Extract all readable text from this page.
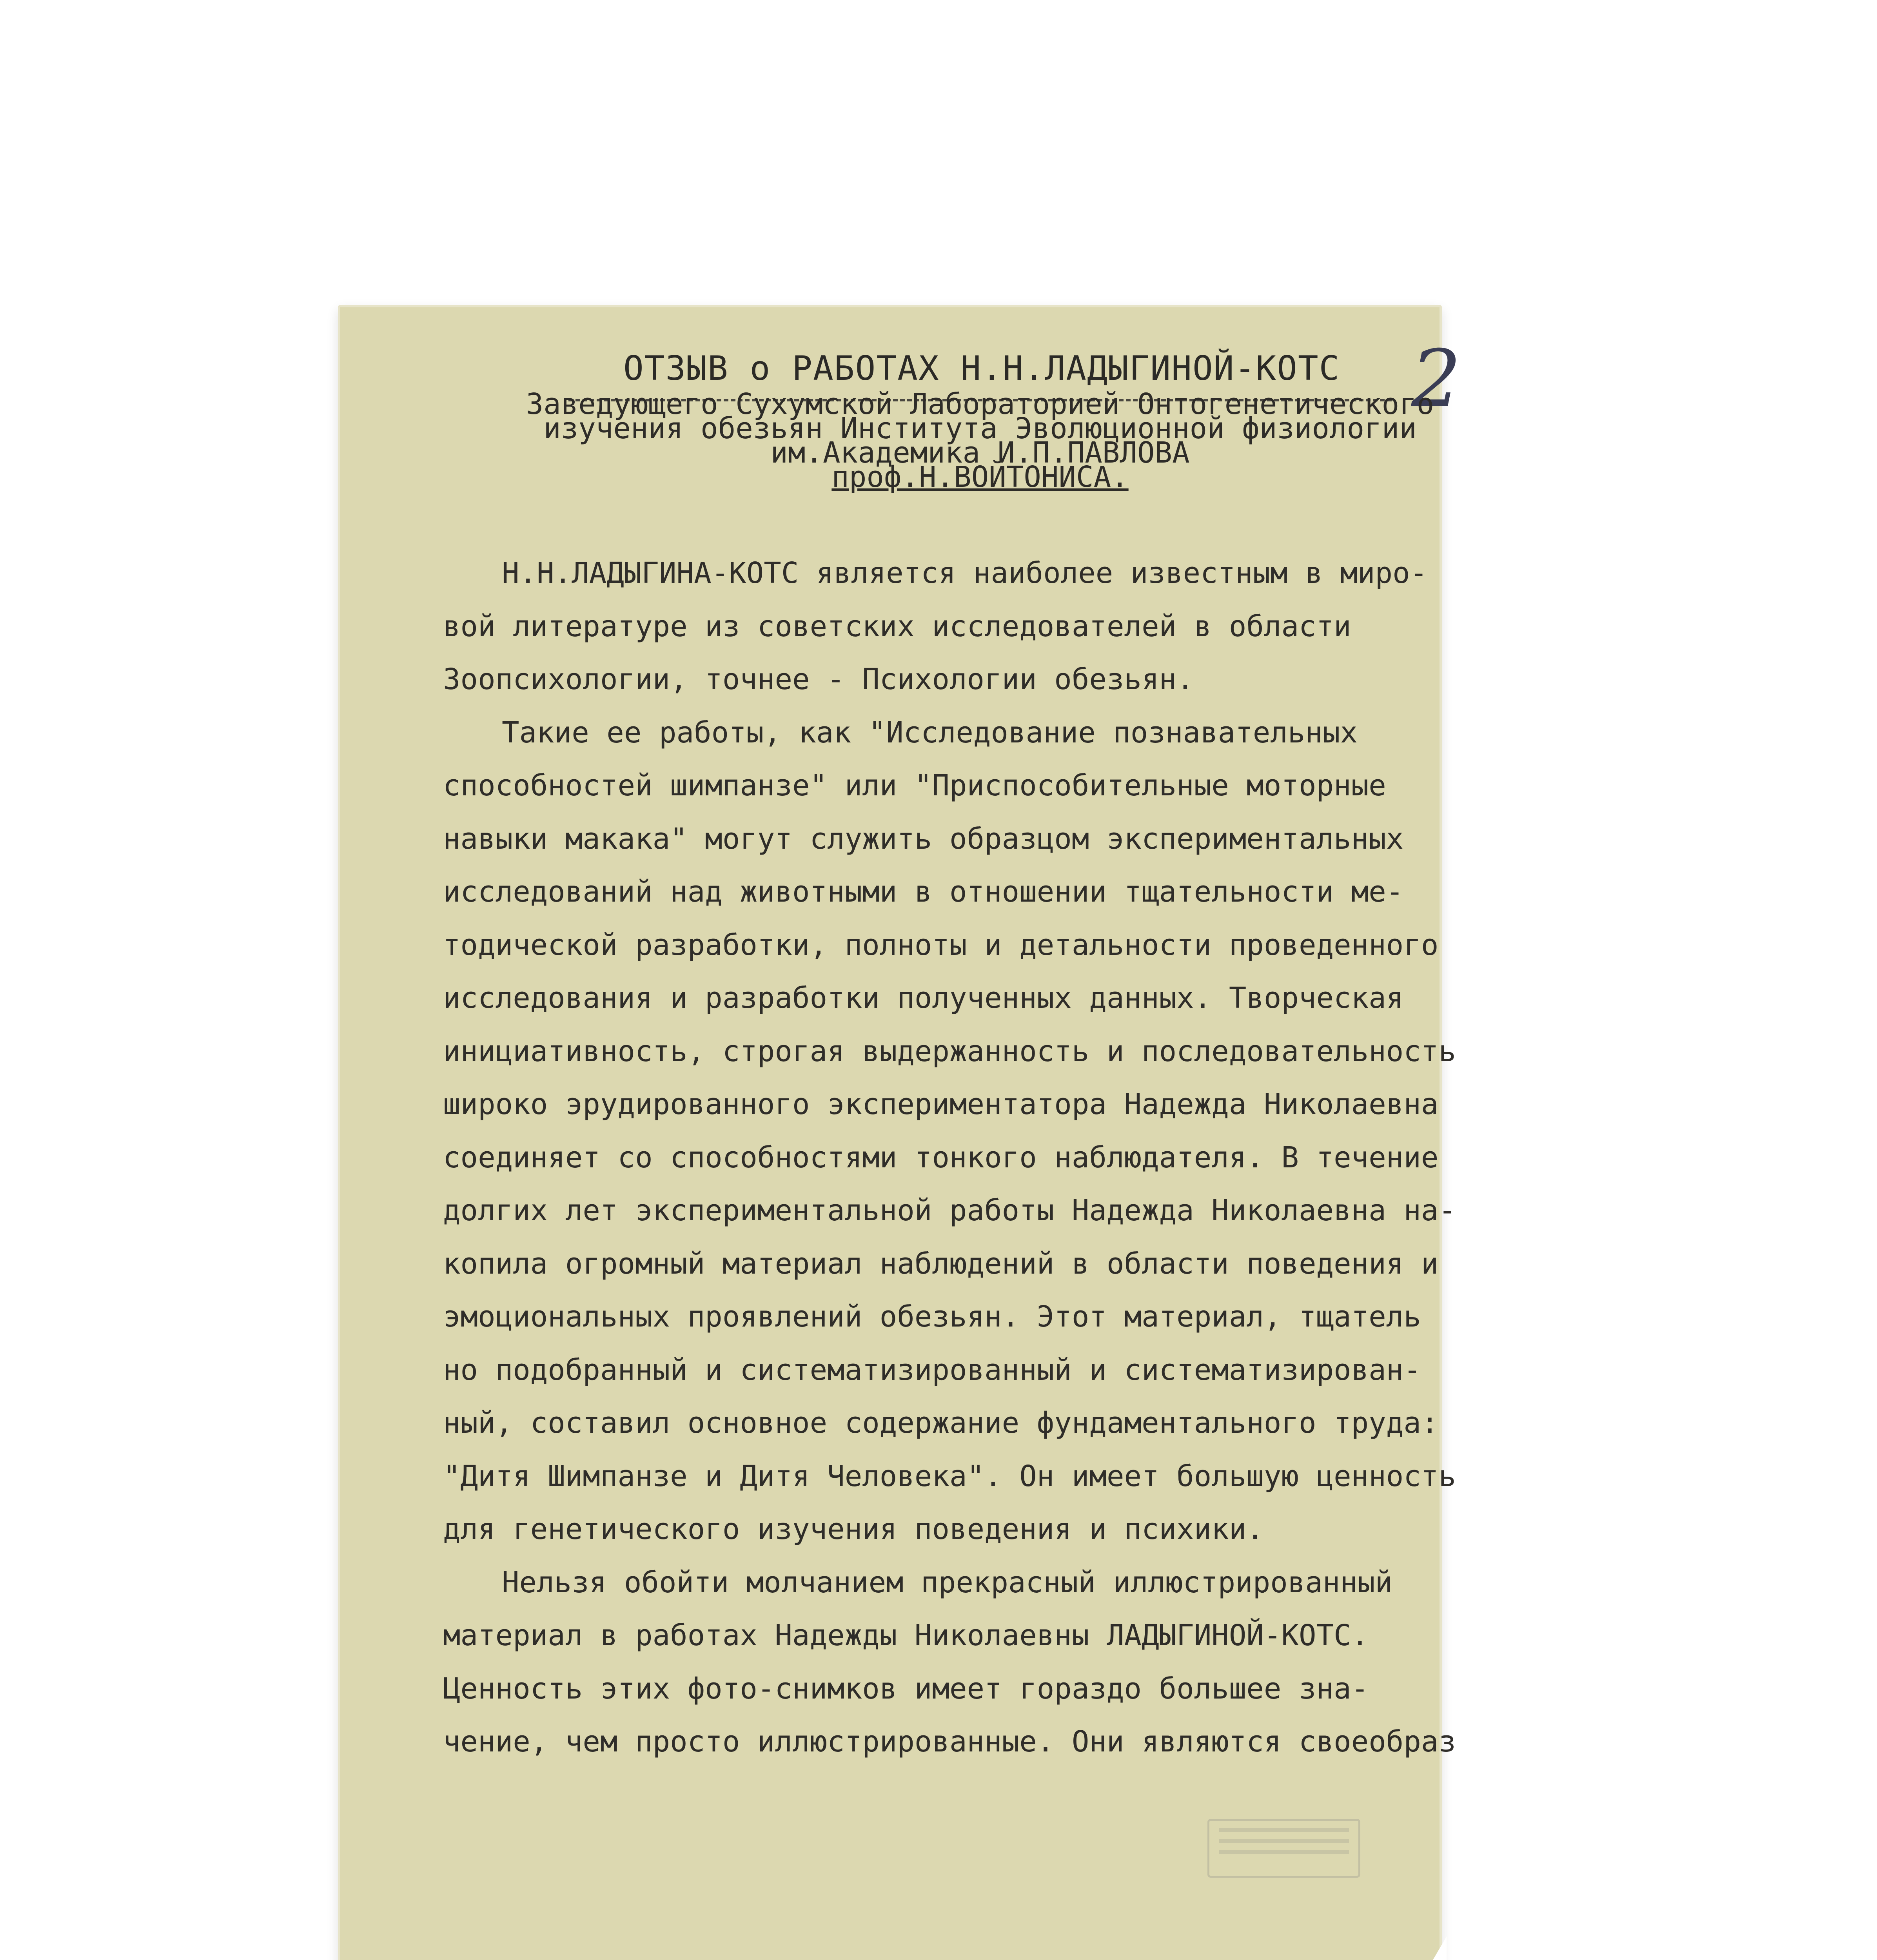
2
ОТЗЫВ о РАБОТАХ Н.Н.ЛАДЫГИНОЙ-КОТС
Заведующего Сухумской Лабораторией Онтогенетического
изучения обезьян Института Эволюционной физиологии
им.Академика И.П.ПАВЛОВА
проф.Н.ВОЙТОНИСА.
Н.Н.ЛАДЫГИНА-КОТС является наиболее известным в миро-
вой литературе из советских исследователей в области
Зоопсихологии, точнее - Психологии обезьян.
Такие ее работы, как "Исследование познавательных
способностей шимпанзе" или "Приспособительные моторные
навыки макака" могут служить образцом экспериментальных
исследований над животными в отношении тщательности ме-
тодической разработки, полноты и детальности проведенного
исследования и разработки полученных данных. Творческая
инициативность, строгая выдержанность и последовательность
широко эрудированного экспериментатора Надежда Николаевна
соединяет со способностями тонкого наблюдателя. В течение
долгих лет экспериментальной работы Надежда Николаевна на-
копила огромный материал наблюдений в области поведения и
эмоциональных проявлений обезьян. Этот материал, тщатель
но подобранный и систематизированный и систематизирован-
ный, составил основное содержание фундаментального труда:
"Дитя Шимпанзе и Дитя Человека". Он имеет большую ценность
для генетического изучения поведения и психики.
Нельзя обойти молчанием прекрасный иллюстрированный
материал в работах Надежды Николаевны ЛАДЫГИНОЙ-КОТС.
Ценность этих фото-снимков имеет гораздо большее зна-
чение, чем просто иллюстрированные. Они являются своеобраз
